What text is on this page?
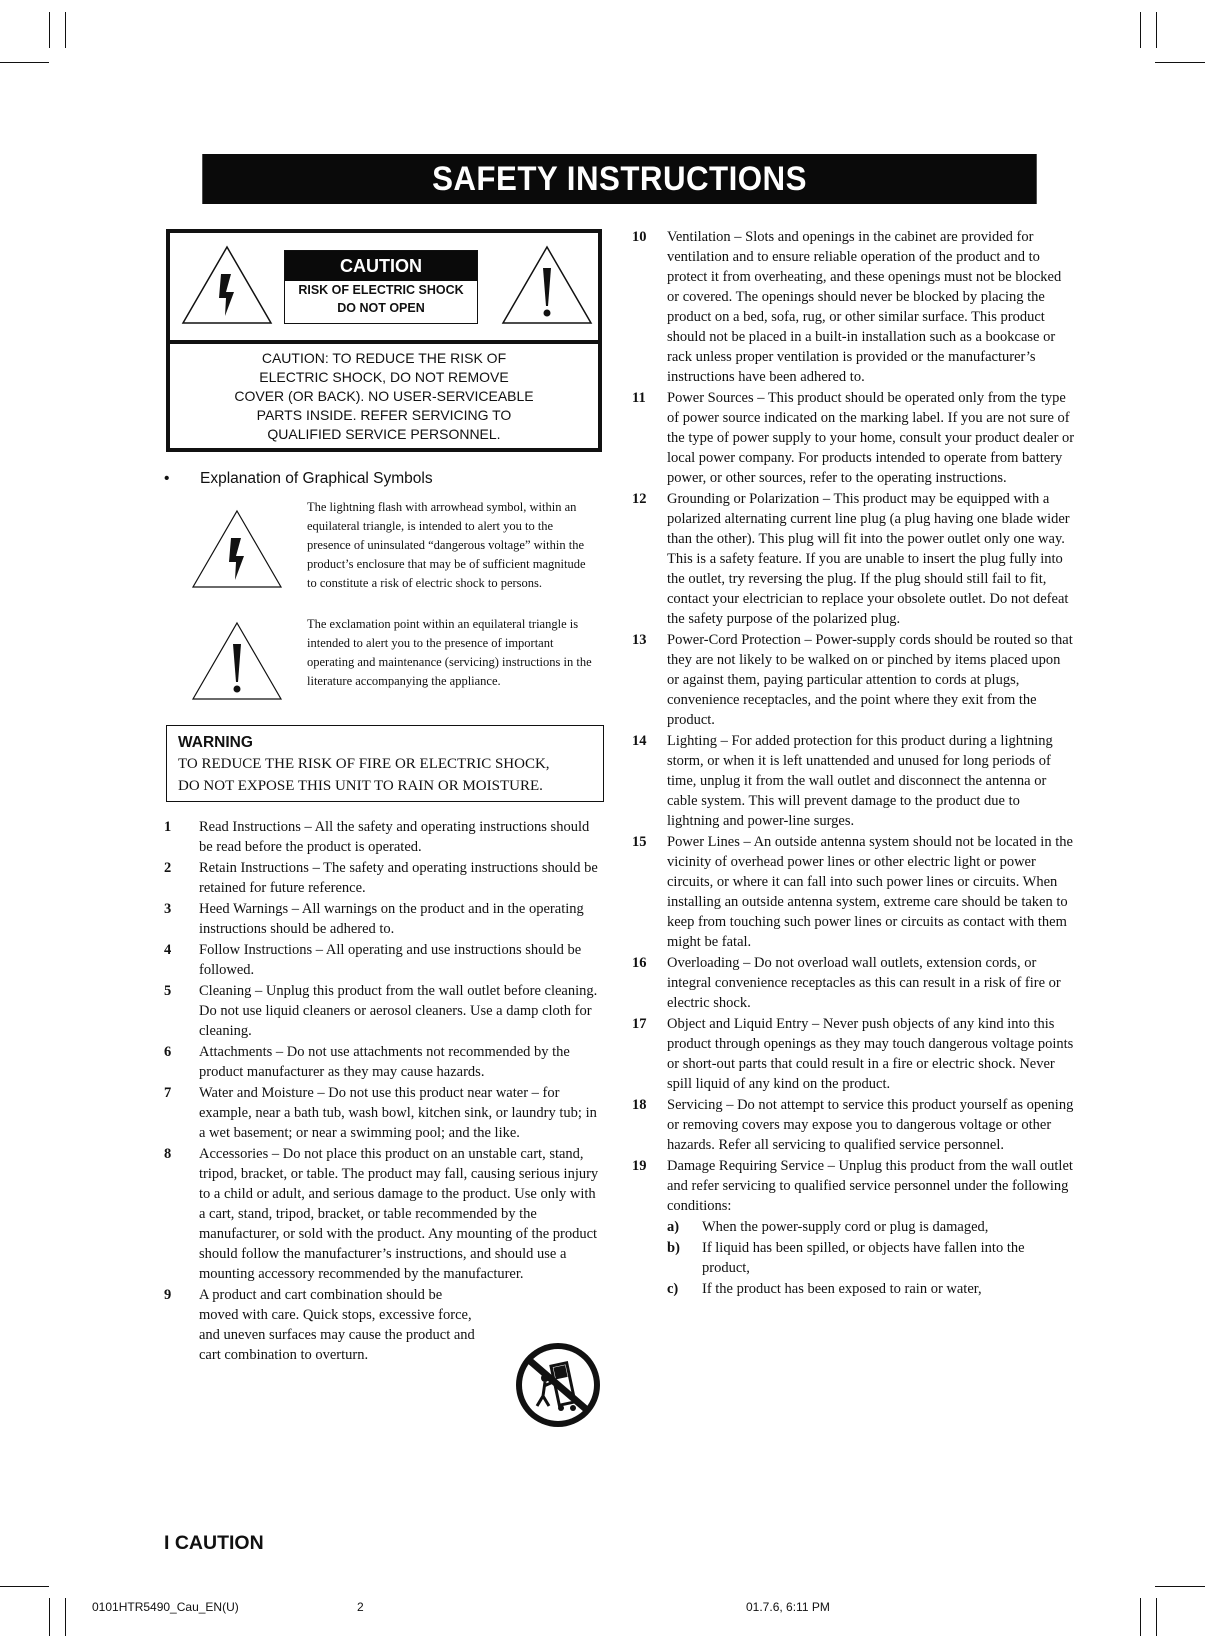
SAFETY INSTRUCTIONS
CAUTION
RISK OF ELECTRIC SHOCK
DO NOT OPEN
CAUTION: TO REDUCE THE RISK OF
ELECTRIC SHOCK, DO NOT REMOVE
COVER (OR BACK). NO USER-SERVICEABLE
PARTS INSIDE. REFER SERVICING TO
QUALIFIED SERVICE PERSONNEL.
• Explanation of Graphical Symbols
The lightning flash with arrowhead symbol, within an equilateral triangle, is intended to alert you to the presence of uninsulated “dangerous voltage” within the product’s enclosure that may be of sufficient magnitude to constitute a risk of electric shock to persons.
The exclamation point within an equilateral triangle is intended to alert you to the presence of important operating and maintenance (servicing) instructions in the literature accompanying the appliance.
WARNING
TO REDUCE THE RISK OF FIRE OR ELECTRIC SHOCK,
DO NOT EXPOSE THIS UNIT TO RAIN OR MOISTURE.
1	Read Instructions – All the safety and operating instructions should be read before the product is operated.
2	Retain Instructions – The safety and operating instructions should be retained for future reference.
3	Heed Warnings – All warnings on the product and in the operating instructions should be adhered to.
4	Follow Instructions – All operating and use instructions should be followed.
5	Cleaning – Unplug this product from the wall outlet before cleaning. Do not use liquid cleaners or aerosol cleaners. Use a damp cloth for cleaning.
6	Attachments – Do not use attachments not recommended by the product manufacturer as they may cause hazards.
7	Water and Moisture – Do not use this product near water – for example, near a bath tub, wash bowl, kitchen sink, or laundry tub; in a wet basement; or near a swimming pool; and the like.
8	Accessories – Do not place this product on an unstable cart, stand, tripod, bracket, or table. The product may fall, causing serious injury to a child or adult, and serious damage to the product. Use only with a cart, stand, tripod, bracket, or table recommended by the manufacturer, or sold with the product. Any mounting of the product should follow the manufacturer’s instructions, and should use a mounting accessory recommended by the manufacturer.
9	A product and cart combination should be moved with care. Quick stops, excessive force, and uneven surfaces may cause the product and cart combination to overturn.
10	Ventilation – Slots and openings in the cabinet are provided for ventilation and to ensure reliable operation of the product and to protect it from overheating, and these openings must not be blocked or covered. The openings should never be blocked by placing the product on a bed, sofa, rug, or other similar surface. This product should not be placed in a built-in installation such as a bookcase or rack unless proper ventilation is provided or the manufacturer’s instructions have been adhered to.
11	Power Sources – This product should be operated only from the type of power source indicated on the marking label. If you are not sure of the type of power supply to your home, consult your product dealer or local power company. For products intended to operate from battery power, or other sources, refer to the operating instructions.
12	Grounding or Polarization – This product may be equipped with a polarized alternating current line plug (a plug having one blade wider than the other). This plug will fit into the power outlet only one way. This is a safety feature. If you are unable to insert the plug fully into the outlet, try reversing the plug. If the plug should still fail to fit, contact your electrician to replace your obsolete outlet. Do not defeat the safety purpose of the polarized plug.
13	Power-Cord Protection – Power-supply cords should be routed so that they are not likely to be walked on or pinched by items placed upon or against them, paying particular attention to cords at plugs, convenience receptacles, and the point where they exit from the product.
14	Lighting – For added protection for this product during a lightning storm, or when it is left unattended and unused for long periods of time, unplug it from the wall outlet and disconnect the antenna or cable system. This will prevent damage to the product due to lightning and power-line surges.
15	Power Lines – An outside antenna system should not be located in the vicinity of overhead power lines or other electric light or power circuits, or where it can fall into such power lines or circuits. When installing an outside antenna system, extreme care should be taken to keep from touching such power lines or circuits as contact with them might be fatal.
16	Overloading – Do not overload wall outlets, extension cords, or integral convenience receptacles as this can result in a risk of fire or electric shock.
17	Object and Liquid Entry – Never push objects of any kind into this product through openings as they may touch dangerous voltage points or short-out parts that could result in a fire or electric shock. Never spill liquid of any kind on the product.
18	Servicing – Do not attempt to service this product yourself as opening or removing covers may expose you to dangerous voltage or other hazards. Refer all servicing to qualified service personnel.
19	Damage Requiring Service – Unplug this product from the wall outlet and refer servicing to qualified service personnel under the following conditions:
a)	When the power-supply cord or plug is damaged,
b)	If liquid has been spilled, or objects have fallen into the product,
c)	If the product has been exposed to rain or water,
I CAUTION
0101HTR5490_Cau_EN(U)	2	01.7.6, 6:11 PM
